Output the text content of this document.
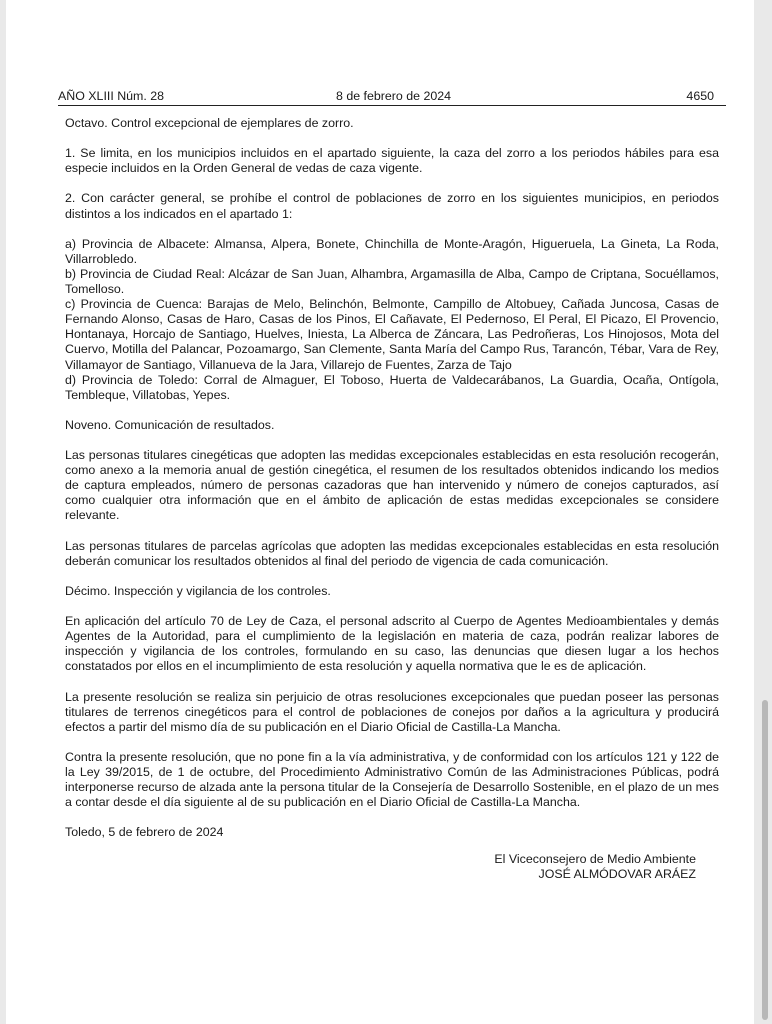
AÑO XLIII Núm. 28	8 de febrero de 2024	4650

Octavo. Control excepcional de ejemplares de zorro.

1. Se limita, en los municipios incluidos en el apartado siguiente, la caza del zorro a los periodos hábiles para esa especie incluidos en la Orden General de vedas de caza vigente.

2. Con carácter general, se prohíbe el control de poblaciones de zorro en los siguientes municipios, en periodos distintos a los indicados en el apartado 1:

a) Provincia de Albacete: Almansa, Alpera, Bonete, Chinchilla de Monte-Aragón, Higueruela, La Gineta, La Roda, Villarrobledo.

b) Provincia de Ciudad Real: Alcázar de San Juan, Alhambra, Argamasilla de Alba, Campo de Criptana, Socuéllamos, Tomelloso.

c) Provincia de Cuenca: Barajas de Melo, Belinchón, Belmonte, Campillo de Altobuey, Cañada Juncosa, Casas de Fernando Alonso, Casas de Haro, Casas de los Pinos, El Cañavate, El Pedernoso, El Peral, El Picazo, El Provencio, Hontanaya, Horcajo de Santiago, Huelves, Iniesta, La Alberca de Záncara, Las Pedroñeras, Los Hinojosos, Mota del Cuervo, Motilla del Palancar, Pozoamargo, San Clemente, Santa María del Campo Rus, Tarancón, Tébar, Vara de Rey, Villamayor de Santiago, Villanueva de la Jara, Villarejo de Fuentes, Zarza de Tajo

d) Provincia de Toledo: Corral de Almaguer, El Toboso, Huerta de Valdecarábanos, La Guardia, Ocaña, Ontígola, Tembleque, Villatobas, Yepes.

Noveno. Comunicación de resultados.

Las personas titulares cinegéticas que adopten las medidas excepcionales establecidas en esta resolución recogerán, como anexo a la memoria anual de gestión cinegética, el resumen de los resultados obtenidos indicando los medios de captura empleados, número de personas cazadoras que han intervenido y número de conejos capturados, así como cualquier otra información que en el ámbito de aplicación de estas medidas excepcionales se considere relevante.

Las personas titulares de parcelas agrícolas que adopten las medidas excepcionales establecidas en esta resolución deberán comunicar los resultados obtenidos al final del periodo de vigencia de cada comunicación.

Décimo. Inspección y vigilancia de los controles.

En aplicación del artículo 70 de Ley de Caza, el personal adscrito al Cuerpo de Agentes Medioambientales y demás Agentes de la Autoridad, para el cumplimiento de la legislación en materia de caza, podrán realizar labores de inspección y vigilancia de los controles, formulando en su caso, las denuncias que diesen lugar a los hechos constatados por ellos en el incumplimiento de esta resolución y aquella normativa que le es de aplicación.

La presente resolución se realiza sin perjuicio de otras resoluciones excepcionales que puedan poseer las personas titulares de terrenos cinegéticos para el control de poblaciones de conejos por daños a la agricultura y producirá efectos a partir del mismo día de su publicación en el Diario Oficial de Castilla-La Mancha.

Contra la presente resolución, que no pone fin a la vía administrativa, y de conformidad con los artículos 121 y 122 de la Ley 39/2015, de 1 de octubre, del Procedimiento Administrativo Común de las Administraciones Públicas, podrá interponerse recurso de alzada ante la persona titular de la Consejería de Desarrollo Sostenible, en el plazo de un mes a contar desde el día siguiente al de su publicación en el Diario Oficial de Castilla-La Mancha.

Toledo, 5 de febrero de 2024

El Viceconsejero de Medio Ambiente
JOSÉ ALMÓDOVAR ARÁEZ
